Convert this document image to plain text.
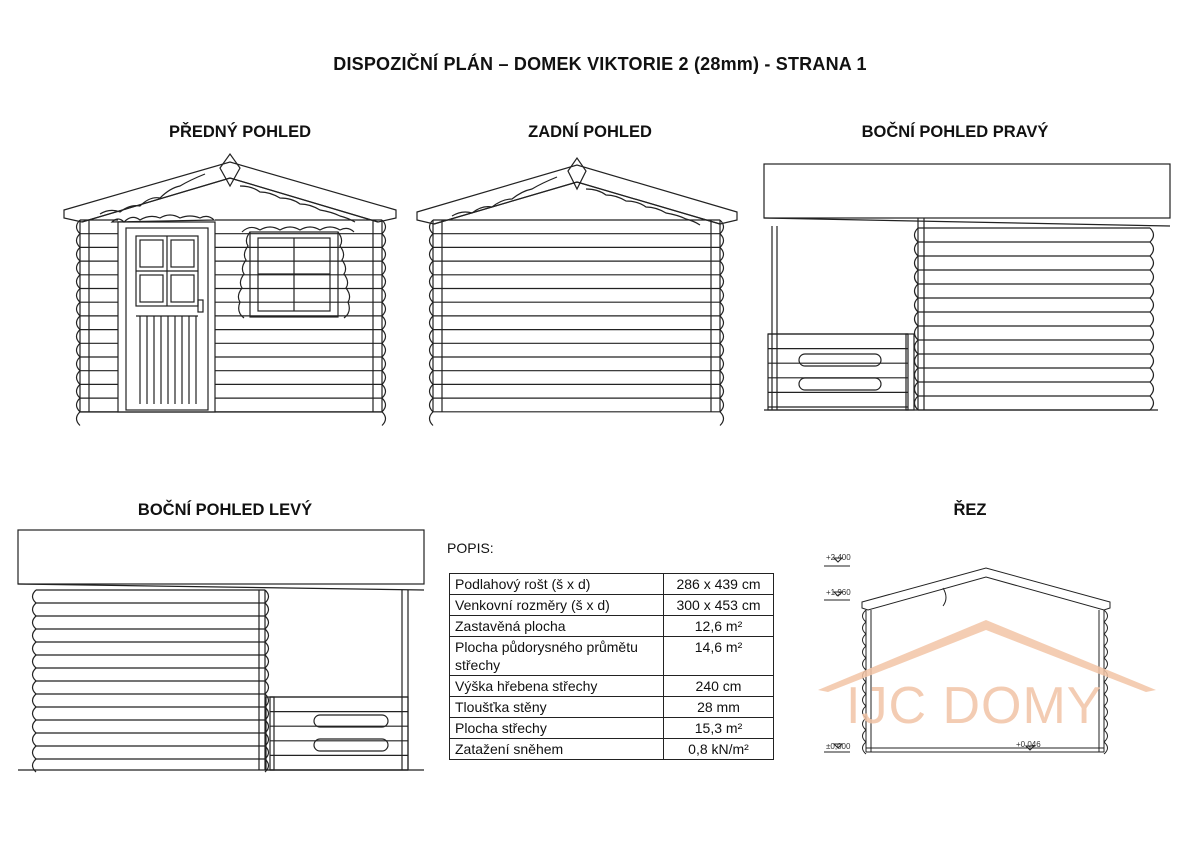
DISPOZIČNÍ PLÁN – DOMEK VIKTORIE 2 (28mm) - STRANA 1
PŘEDNÝ POHLED	ZADNÍ POHLED	BOČNÍ POHLED PRAVÝ
BOČNÍ POHLED LEVÝ	ŘEZ
IJC DOMY
POPIS:
Podlahový rošt (š x d)	286 x 439 cm
Venkovní rozměry (š x d)	300 x 453 cm
Zastavěná plocha	12,6 m²
Plocha půdorysného průmětu střechy	14,6 m²
Výška hřebena střechy	240 cm
Tloušťka stěny	28 mm
Plocha střechy	15,3 m²
Zatažení sněhem	0,8 kN/m²
+2,400
+1,960
±0,000	+0,046
